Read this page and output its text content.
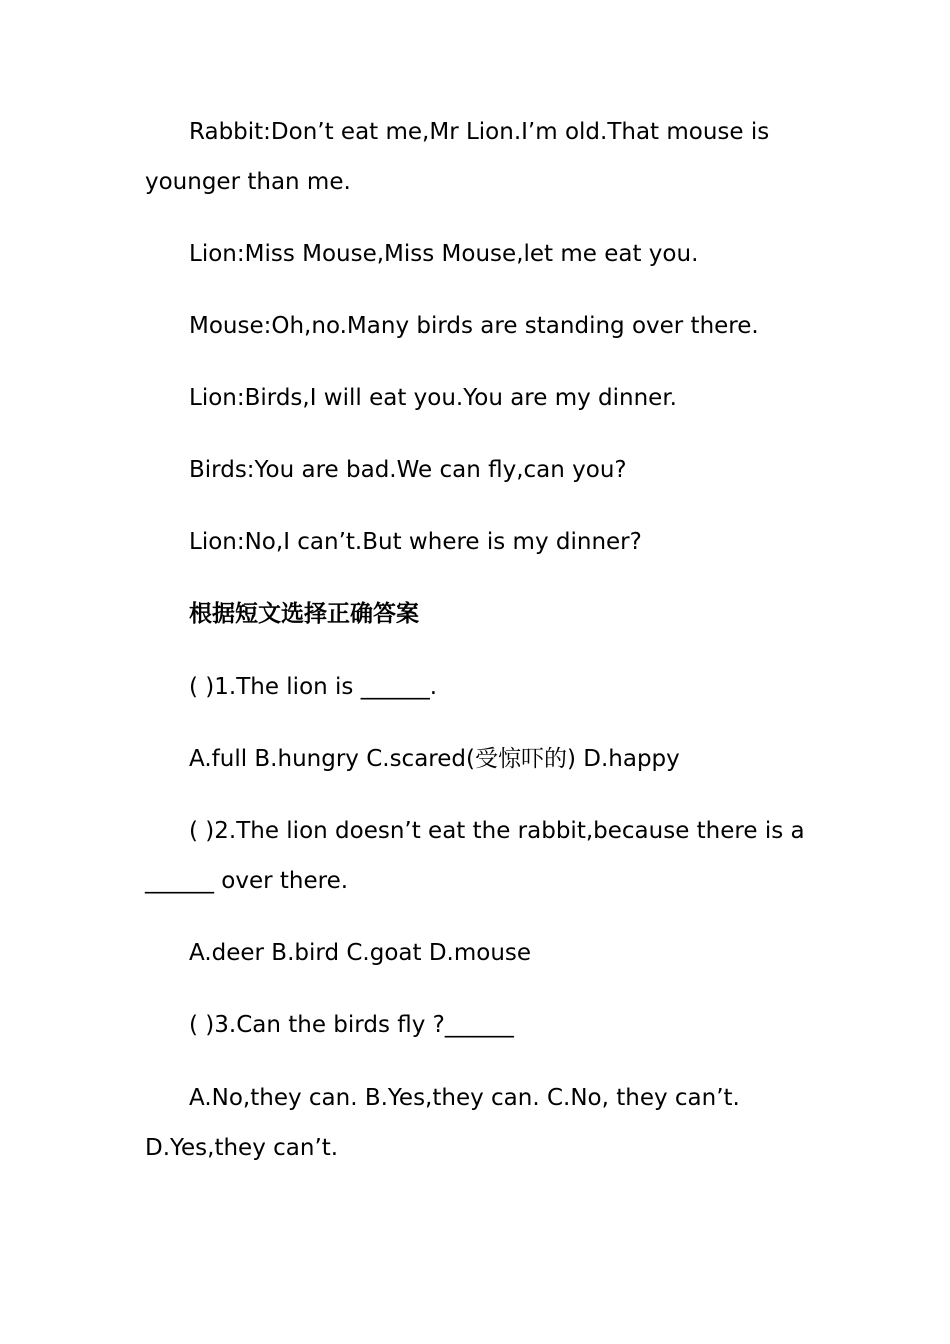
Rabbit:Don’t eat me,Mr Lion.I’m old.That mouse is
younger than me.
Lion:Miss Mouse,Miss Mouse,let me eat you.
Mouse:Oh,no.Many birds are standing over there.
Lion:Birds,I will eat you.You are my dinner.
Birds:You are bad.We can fly,can you?
Lion:No,I can’t.But where is my dinner?
根据短文选择正确答案
( )1.The lion is ______.
A.full B.hungry C.scared(受惊吓的) D.happy
( )2.The lion doesn’t eat the rabbit,because there is a
______ over there.
A.deer B.bird C.goat D.mouse
( )3.Can the birds fly ?______
A.No,they can. B.Yes,they can. C.No, they can’t.
D.Yes,they can’t.
